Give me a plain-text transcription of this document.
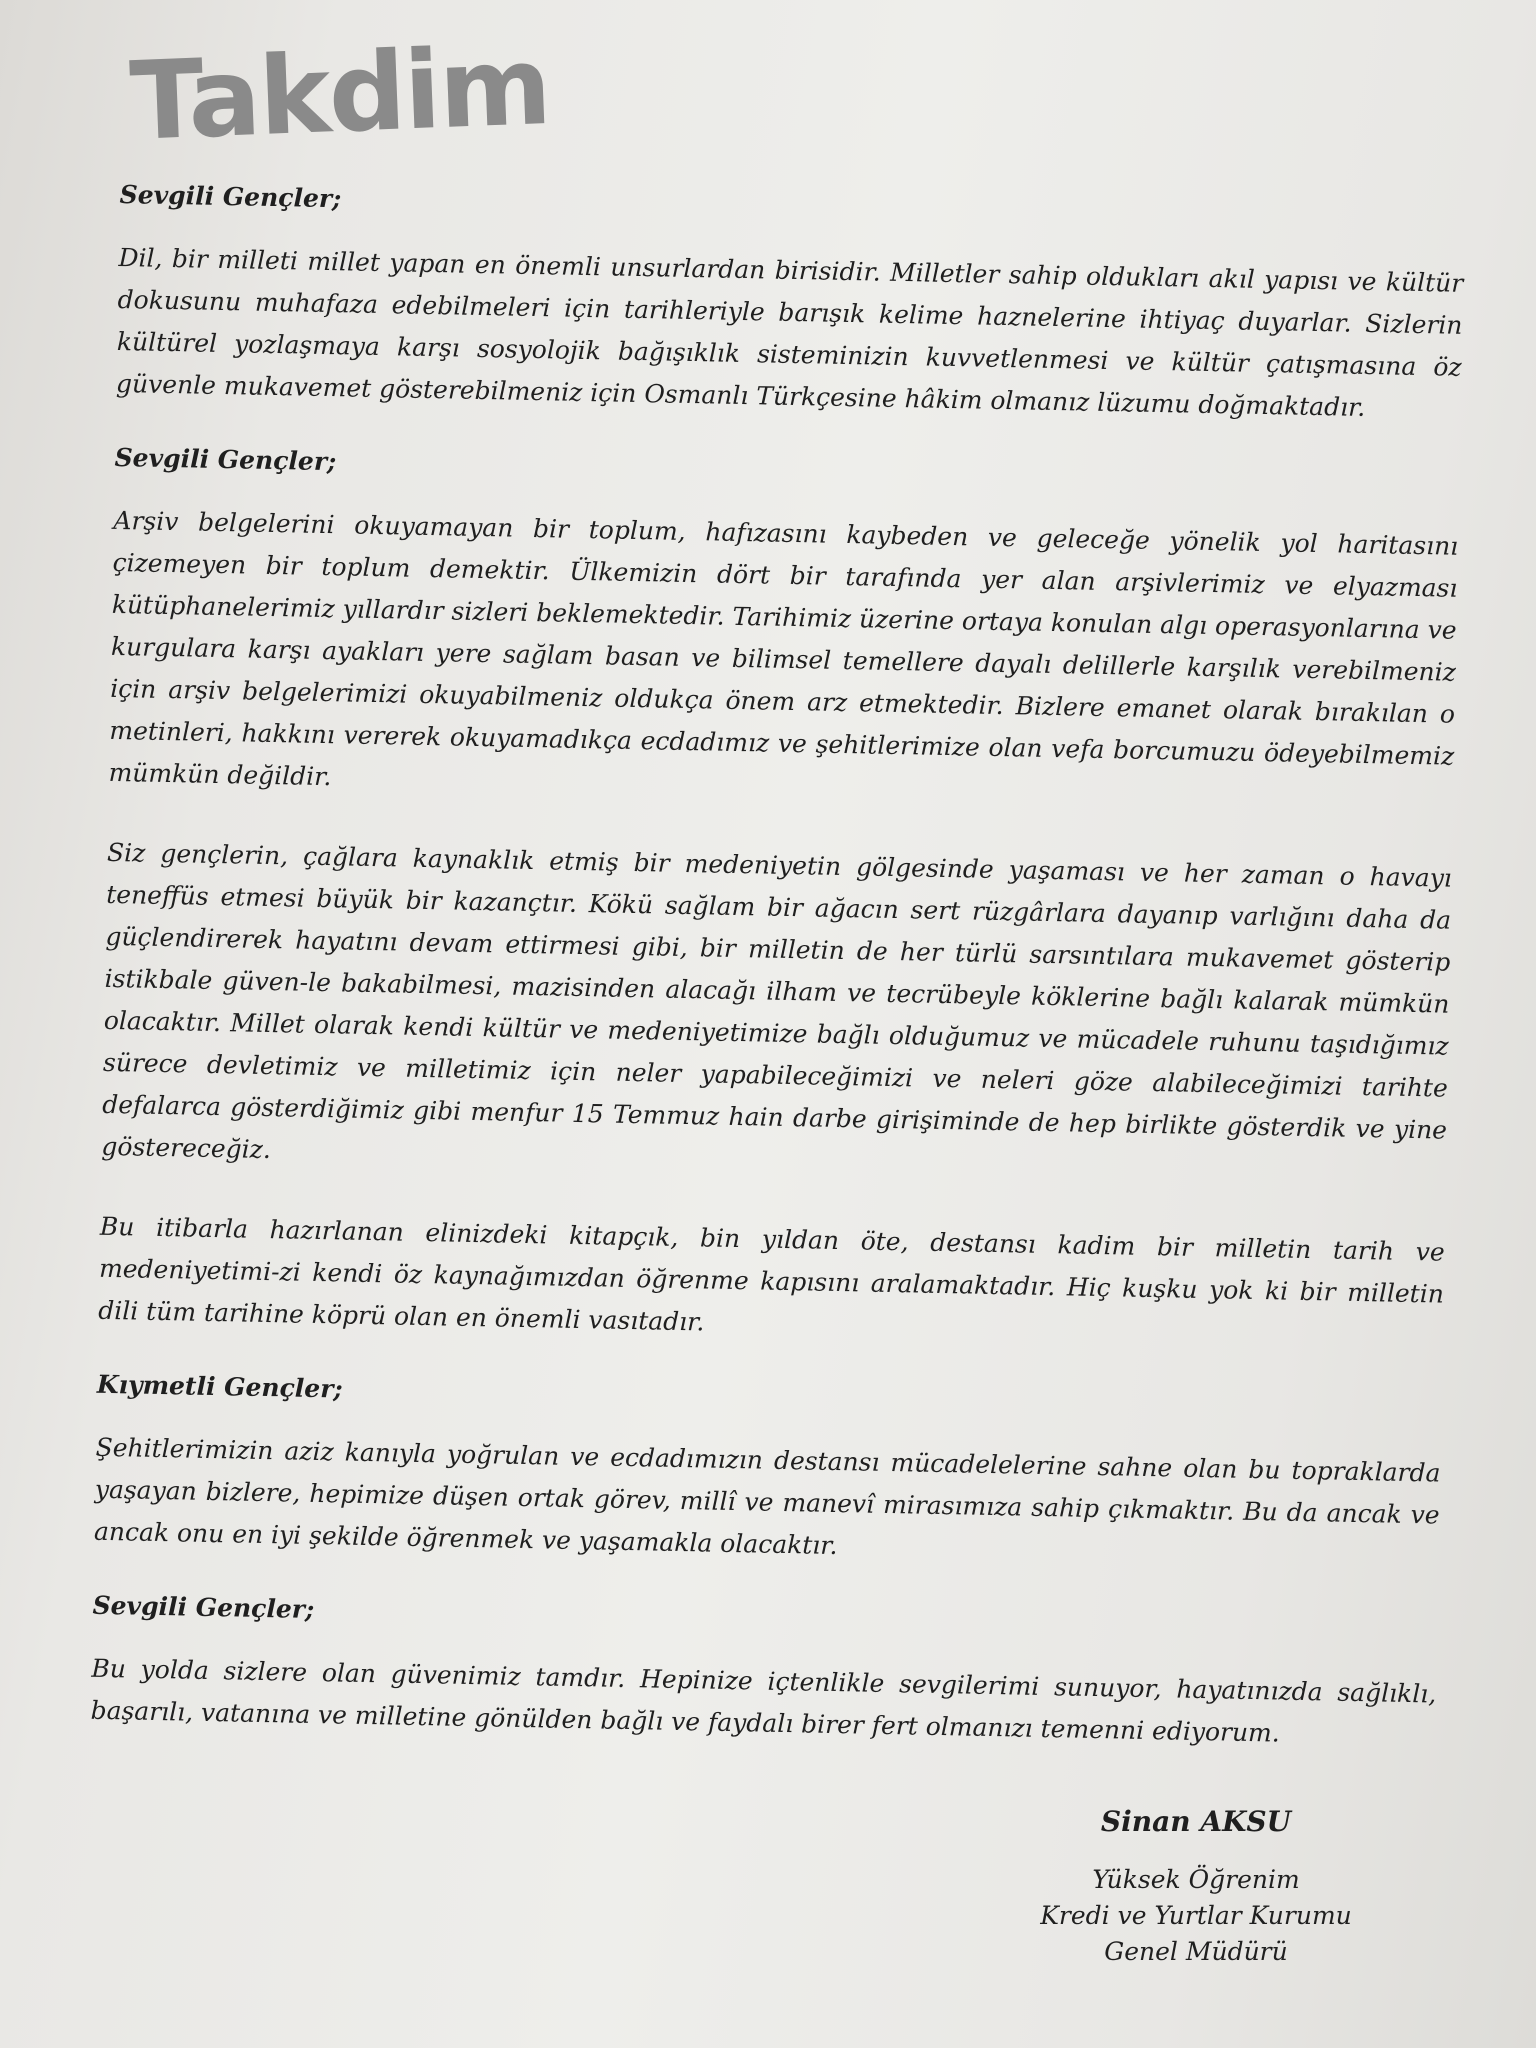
Takdim

Sevgili Gençler;

Dil, bir milleti millet yapan en önemli unsurlardan birisidir. Milletler sahip oldukları akıl yapısı ve kültür dokusunu muhafaza edebilmeleri için tarihleriyle barışık kelime haznelerine ihtiyaç duyarlar. Sizlerin kültürel yozlaşmaya karşı sosyolojik bağışıklık sisteminizin kuvvetlenmesi ve kültür çatışmasına öz güvenle mukavemet gösterebilmeniz için Osmanlı Türkçesine hâkim olmanız lüzumu doğmaktadır.

Sevgili Gençler;

Arşiv belgelerini okuyamayan bir toplum, hafızasını kaybeden ve geleceğe yönelik yol haritasını çizemeyen bir toplum demektir. Ülkemizin dört bir tarafında yer alan arşivlerimiz ve elyazması kütüphanelerimiz yıllardır sizleri beklemektedir. Tarihimiz üzerine ortaya konulan algı operasyonlarına ve kurgulara karşı ayakları yere sağlam basan ve bilimsel temellere dayalı delillerle karşılık verebilmeniz için arşiv belgelerimizi okuyabilmeniz oldukça önem arz etmektedir. Bizlere emanet olarak bırakılan o metinleri, hakkını vererek okuyamadıkça ecdadımız ve şehitlerimize olan vefa borcumuzu ödeyebilmemiz mümkün değildir.

Siz gençlerin, çağlara kaynaklık etmiş bir medeniyetin gölgesinde yaşaması ve her zaman o havayı teneffüs etmesi büyük bir kazançtır. Kökü sağlam bir ağacın sert rüzgârlara dayanıp varlığını daha da güçlendirerek hayatını devam ettirmesi gibi, bir milletin de her türlü sarsıntılara mukavemet gösterip istikbale güven-le bakabilmesi, mazisinden alacağı ilham ve tecrübeyle köklerine bağlı kalarak mümkün olacaktır. Millet olarak kendi kültür ve medeniyetimize bağlı olduğumuz ve mücadele ruhunu taşıdığımız sürece devletimiz ve milletimiz için neler yapabileceğimizi ve neleri göze alabileceğimizi tarihte defalarca gösterdiğimiz gibi menfur 15 Temmuz hain darbe girişiminde de hep birlikte gösterdik ve yine göstereceğiz.

Bu itibarla hazırlanan elinizdeki kitapçık, bin yıldan öte, destansı kadim bir milletin tarih ve medeniyetimi-zi kendi öz kaynağımızdan öğrenme kapısını aralamaktadır. Hiç kuşku yok ki bir milletin dili tüm tarihine köprü olan en önemli vasıtadır.

Kıymetli Gençler;

Şehitlerimizin aziz kanıyla yoğrulan ve ecdadımızın destansı mücadelelerine sahne olan bu topraklarda yaşayan bizlere, hepimize düşen ortak görev, millî ve manevî mirasımıza sahip çıkmaktır. Bu da ancak ve ancak onu en iyi şekilde öğrenmek ve yaşamakla olacaktır.

Sevgili Gençler;

Bu yolda sizlere olan güvenimiz tamdır. Hepinize içtenlikle sevgilerimi sunuyor, hayatınızda sağlıklı, başarılı, vatanına ve milletine gönülden bağlı ve faydalı birer fert olmanızı temenni ediyorum.

Sinan AKSU

Yüksek Öğrenim

Kredi ve Yurtlar Kurumu

Genel Müdürü
